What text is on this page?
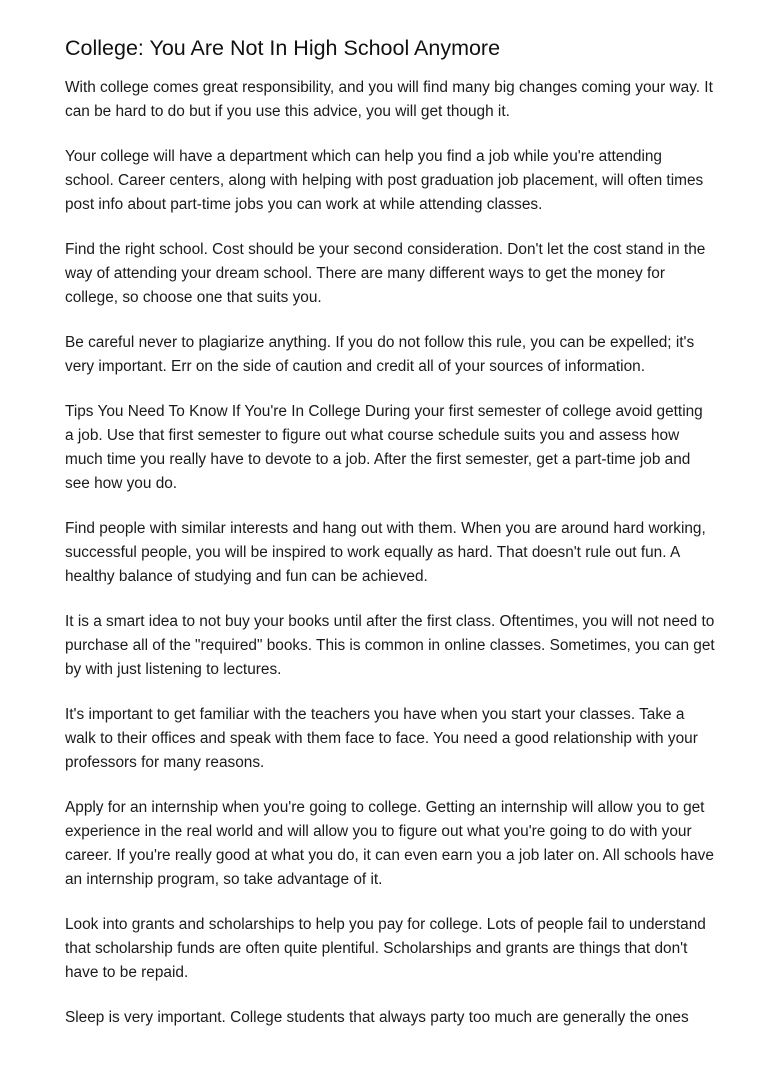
College: You Are Not In High School Anymore

With college comes great responsibility, and you will find many big changes coming your way. It can be hard to do but if you use this advice, you will get though it.

Your college will have a department which can help you find a job while you're attending school. Career centers, along with helping with post graduation job placement, will often times post info about part-time jobs you can work at while attending classes.

Find the right school. Cost should be your second consideration. Don't let the cost stand in the way of attending your dream school. There are many different ways to get the money for college, so choose one that suits you.

Be careful never to plagiarize anything. If you do not follow this rule, you can be expelled; it's very important. Err on the side of caution and credit all of your sources of information.

Tips You Need To Know If You're In College During your first semester of college avoid getting a job. Use that first semester to figure out what course schedule suits you and assess how much time you really have to devote to a job. After the first semester, get a part-time job and see how you do.

Find people with similar interests and hang out with them. When you are around hard working, successful people, you will be inspired to work equally as hard. That doesn't rule out fun. A healthy balance of studying and fun can be achieved.

It is a smart idea to not buy your books until after the first class. Oftentimes, you will not need to purchase all of the "required" books. This is common in online classes. Sometimes, you can get by with just listening to lectures.

It's important to get familiar with the teachers you have when you start your classes. Take a walk to their offices and speak with them face to face. You need a good relationship with your professors for many reasons.

Apply for an internship when you're going to college. Getting an internship will allow you to get experience in the real world and will allow you to figure out what you're going to do with your career. If you're really good at what you do, it can even earn you a job later on. All schools have an internship program, so take advantage of it.

Look into grants and scholarships to help you pay for college. Lots of people fail to understand that scholarship funds are often quite plentiful. Scholarships and grants are things that don't have to be repaid.

Sleep is very important. College students that always party too much are generally the ones
